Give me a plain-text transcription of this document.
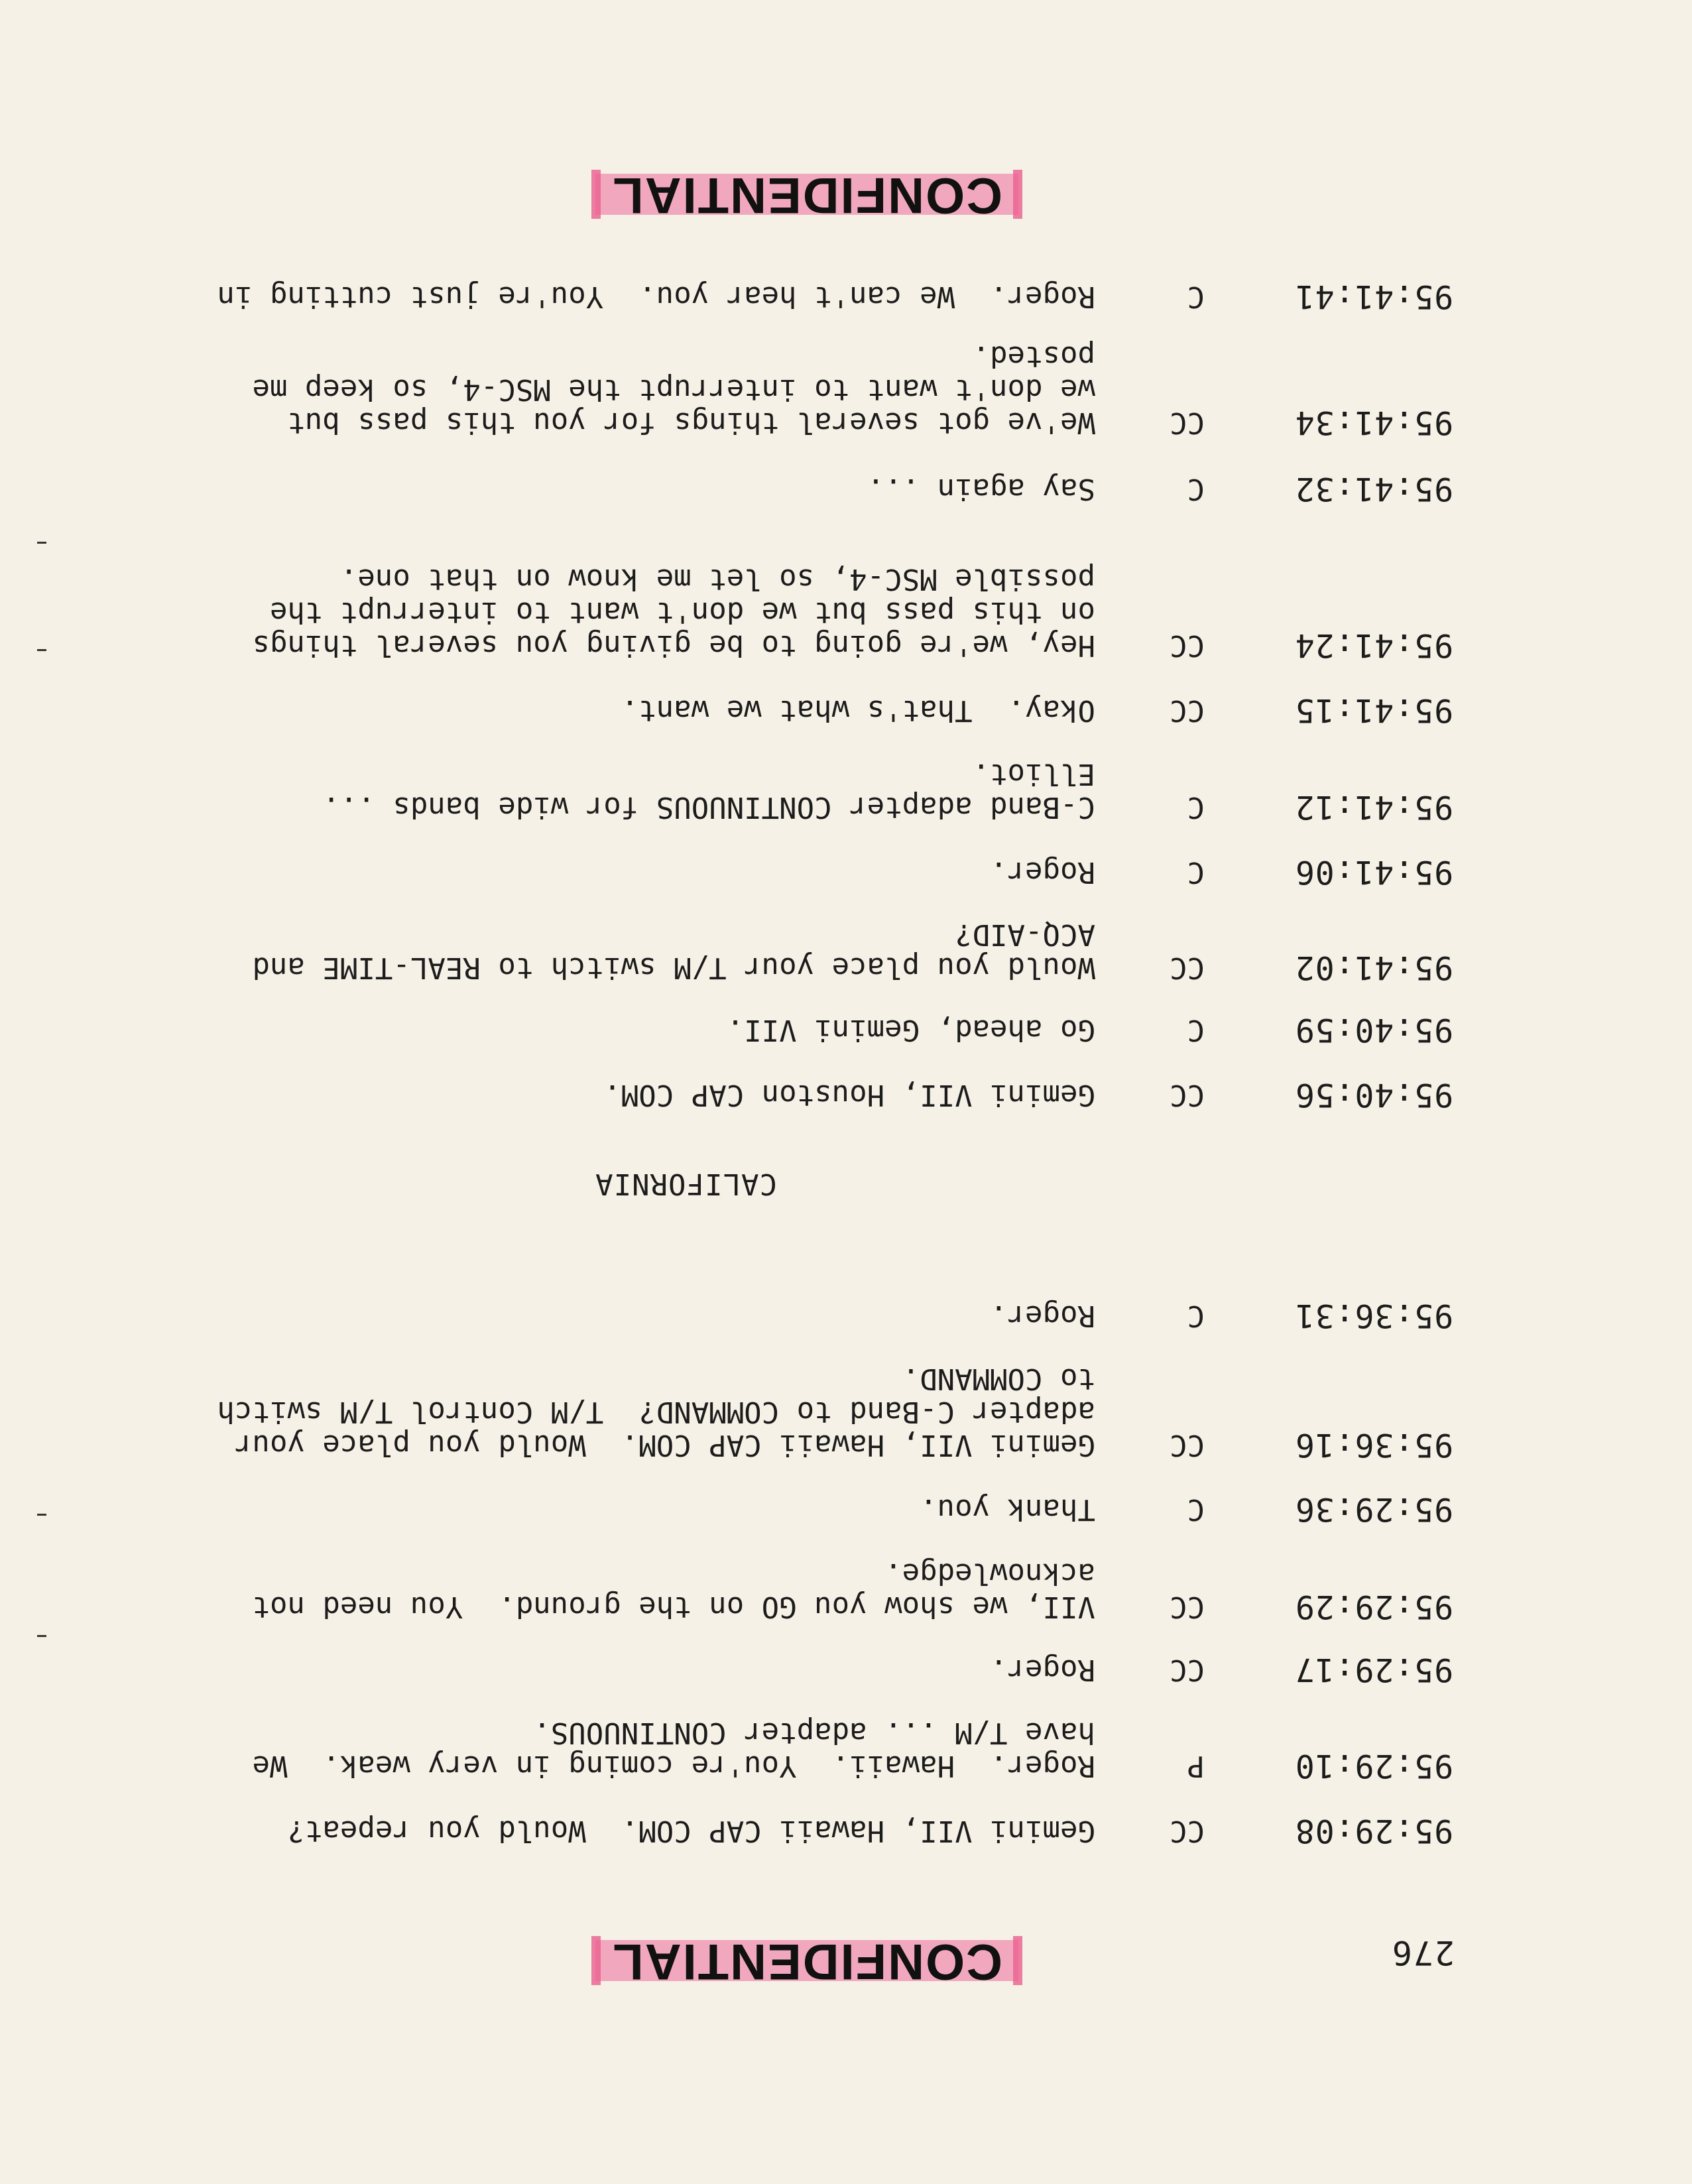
276
CONFIDENTIAL
95:29:08
CC
Gemini VII, Hawaii CAP COM.  Would you repeat?
95:29:10
P
Roger.  Hawaii.  You're coming in very weak.  We
have T/M ... adapter CONTINUOUS.
95:29:17
CC
Roger.
95:29:29
CC
VII, we show you GO on the ground.  You need not
acknowledge.
95:29:36
C
Thank you.
95:36:16
CC
Gemini VII, Hawaii CAP COM.  Would you place your
adapter C-Band to COMMAND?  T/M Control T/M switch
to COMMAND.
95:36:31
C
Roger.
CALIFORNIA
95:40:56
CC
Gemini VII, Houston CAP COM.
95:40:59
C
Go ahead, Gemini VII.
95:41:02
CC
Would you place your T/M switch to REAL-TIME and
ACQ-AID?
95:41:06
C
Roger.
95:41:12
C
C-Band adapter CONTINUOUS for wide bands ...
Elliot.
95:41:15
CC
Okay.  That's what we want.
95:41:24
CC
Hey, we're going to be giving you several things
on this pass but we don't want to interrupt the
possible MSC-4, so let me know on that one.
95:41:32
C
Say again ...
95:41:34
CC
We've got several things for you this pass but
we don't want to interrupt the MSC-4, so keep me
posted.
95:41:41
C
Roger.  We can't hear you.  You're just cutting in
CONFIDENTIAL
